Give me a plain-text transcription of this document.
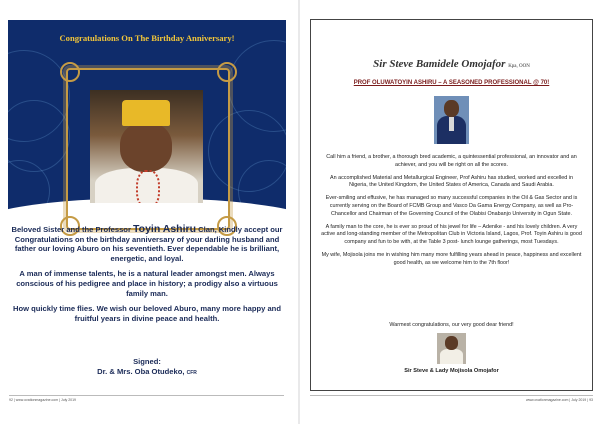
Congratulations On The Birthday Anniversary!

Beloved Sister and the Professor Toyin Ashiru Clan, Kindly accept our Congratulations on the birthday anniversary of your darling husband and father our loving Aburo on his seventieth. Ever dependable he is brilliant, energetic, and loyal.

A man of immense talents, he is a natural leader amongst men. Always conscious of his pedigree and place in history; a prodigy also a virtuous family man.

How quickly time flies. We wish our beloved Aburo, many more happy and fruitful years in divine peace and health.

Signed:
Dr. & Mrs. Oba Otudeko, CFR
92 | www.ovationmagazine.com | July 2019
Sir Steve Bamidele Omojafor Kpa, OON
PROF OLUWATOYIN ASHIRU – A SEASONED PROFESSIONAL @ 70!

Call him a friend, a brother, a thorough bred academic, a quintessential professional, an innovator and an achiever, and you will be right on all the scores.

An accomplished Material and Metallurgical Engineer, Prof Ashiru has studied, worked and excelled in Nigeria, the United Kingdom, the United States of America, Canada and Saudi Arabia.

Ever-smiling and effusive, he has managed so many successful companies in the Oil & Gas Sector and is currently serving on the Board of FCMB Group and Vasco Da Gama Energy Company, as well as Pro-Chancellor and Chairman of the Governing Council of the Olabisi Onabanjo University in Ogun State.

A family man to the core, he is ever so proud of his jewel for life – Adenike - and his lovely children. A very active and long-standing member of the Metropolitan Club in Victoria Island, Lagos, Prof. Toyin Ashiru is good company and fun to be with, at the Table 3 post- lunch lounge gatherings, most Tuesdays.

My wife, Mojisola joins me in wishing him many more fulfilling years ahead in peace, happiness and excellent good health, as we welcome him to the 7th floor!

Warmest congratulations, our very good dear friend!
Sir Steve & Lady Mojisola Omojafor
www.ovationmagazine.com | July 2019 | 93
